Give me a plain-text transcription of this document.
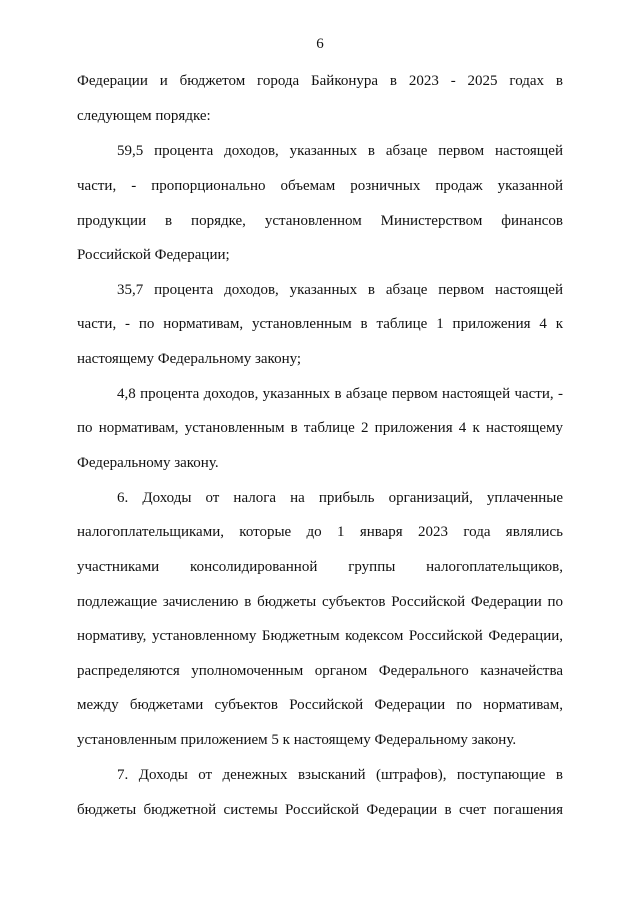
6
Федерации и бюджетом города Байконура в 2023 - 2025 годах в
следующем порядке:
59,5 процента доходов, указанных в абзаце первом настоящей
части, - пропорционально объемам розничных продаж указанной
продукции в порядке, установленном Министерством финансов
Российской Федерации;
35,7 процента доходов, указанных в абзаце первом настоящей
части, - по нормативам, установленным в таблице 1 приложения 4 к
настоящему Федеральному закону;
4,8 процента доходов, указанных в абзаце первом настоящей части, -
по нормативам, установленным в таблице 2 приложения 4 к настоящему
Федеральному закону.
6. Доходы от налога на прибыль организаций, уплаченные
налогоплательщиками, которые до 1 января 2023 года являлись
участниками консолидированной группы налогоплательщиков,
подлежащие зачислению в бюджеты субъектов Российской Федерации по
нормативу, установленному Бюджетным кодексом Российской Федерации,
распределяются уполномоченным органом Федерального казначейства
между бюджетами субъектов Российской Федерации по нормативам,
установленным приложением 5 к настоящему Федеральному закону.
7. Доходы от денежных взысканий (штрафов), поступающие в
бюджеты бюджетной системы Российской Федерации в счет погашения
